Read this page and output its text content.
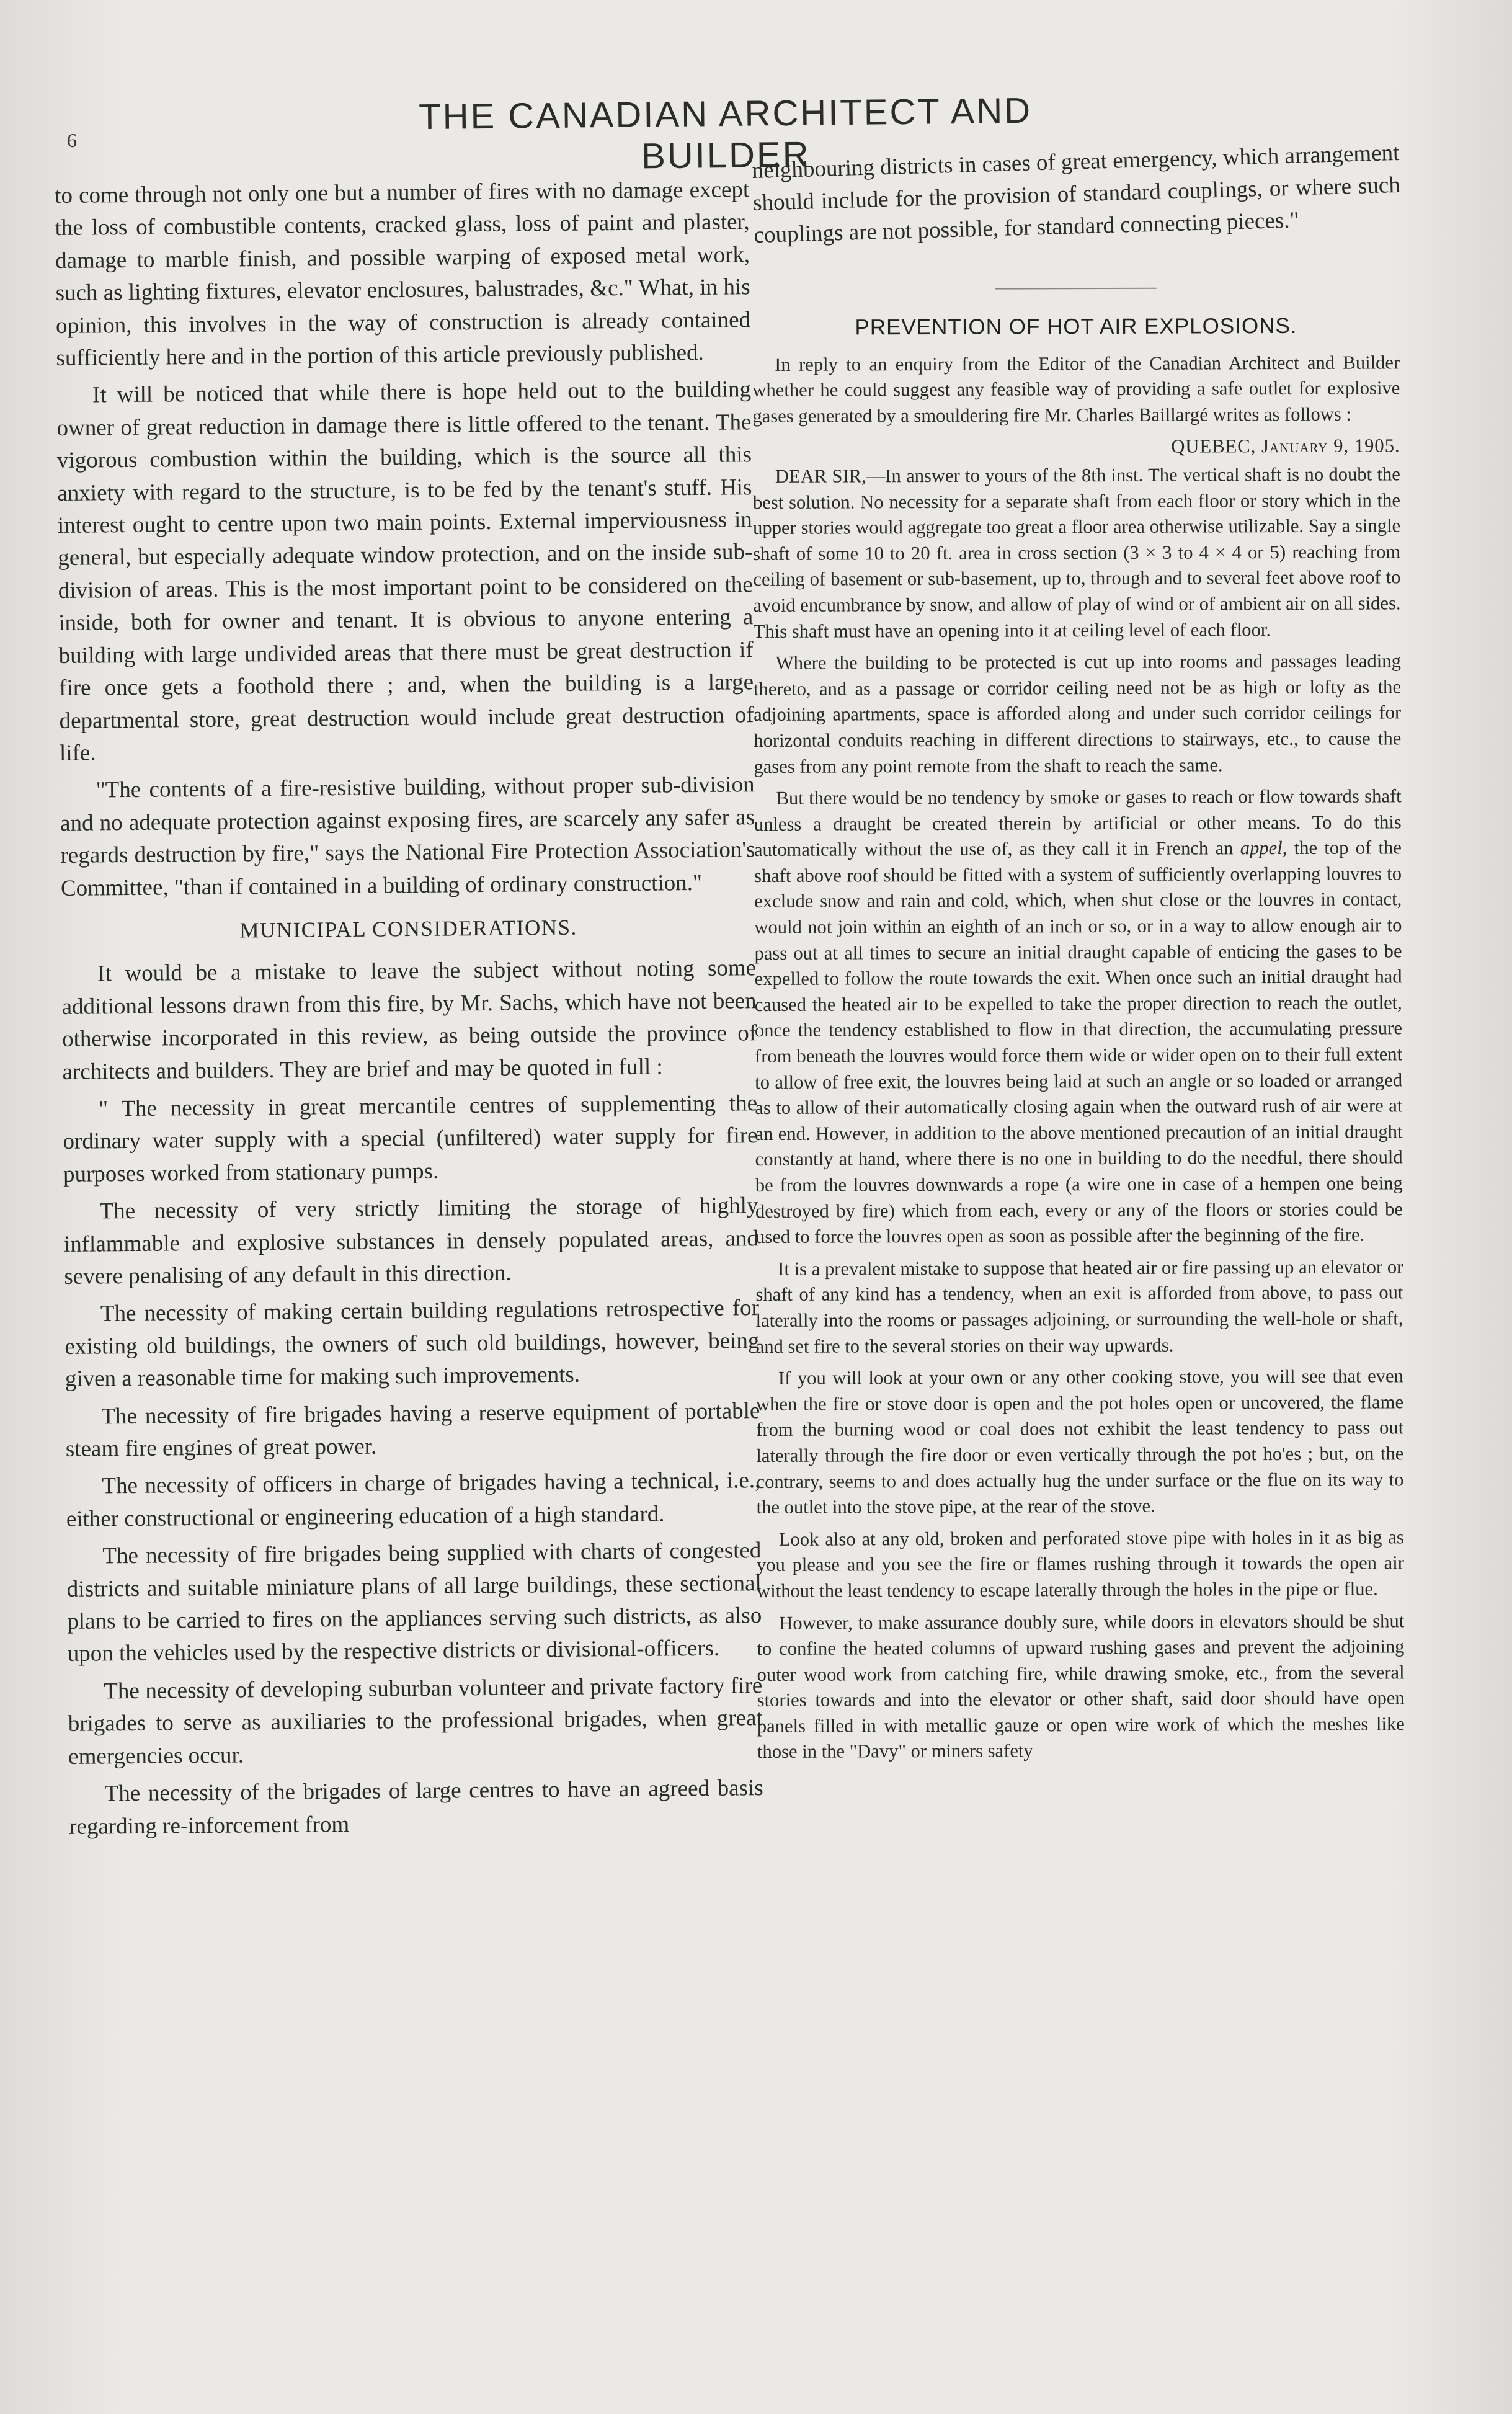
6
THE CANADIAN ARCHITECT AND BUILDER

to come through not only one but a number of fires with no damage except the loss of combustible contents, cracked glass, loss of paint and plaster, damage to marble finish, and possible warping of exposed metal work, such as lighting fixtures, elevator enclosures, balustrades, &c." What, in his opinion, this involves in the way of construction is already contained sufficiently here and in the portion of this article previously published.

It will be noticed that while there is hope held out to the building owner of great reduction in damage there is little offered to the tenant. The vigorous combustion within the building, which is the source all this anxiety with regard to the structure, is to be fed by the tenant's stuff. His interest ought to centre upon two main points. External imperviousness in general, but especially adequate window protection, and on the inside sub-division of areas. This is the most important point to be considered on the inside, both for owner and tenant. It is obvious to anyone entering a building with large undivided areas that there must be great destruction if fire once gets a foothold there ; and, when the building is a large departmental store, great destruction would include great destruction of life.

"The contents of a fire-resistive building, without proper sub-division and no adequate protection against exposing fires, are scarcely any safer as regards destruction by fire," says the National Fire Protection Association's Committee, "than if contained in a building of ordinary construction."

MUNICIPAL CONSIDERATIONS.

It would be a mistake to leave the subject without noting some additional lessons drawn from this fire, by Mr. Sachs, which have not been otherwise incorporated in this review, as being outside the province of architects and builders. They are brief and may be quoted in full :

" The necessity in great mercantile centres of supplementing the ordinary water supply with a special (unfiltered) water supply for fire purposes worked from stationary pumps.

The necessity of very strictly limiting the storage of highly inflammable and explosive substances in densely populated areas, and severe penalising of any default in this direction.

The necessity of making certain building regulations retrospective for existing old buildings, the owners of such old buildings, however, being given a reasonable time for making such improvements.

The necessity of fire brigades having a reserve equipment of portable steam fire engines of great power.

The necessity of officers in charge of brigades having a technical, i.e., either constructional or engineering education of a high standard.

The necessity of fire brigades being supplied with charts of congested districts and suitable miniature plans of all large buildings, these sectional plans to be carried to fires on the appliances serving such districts, as also upon the vehicles used by the respective districts or divisional-officers.

The necessity of developing suburban volunteer and private factory fire brigades to serve as auxiliaries to the professional brigades, when great emergencies occur.

The necessity of the brigades of large centres to have an agreed basis regarding re-inforcement from

neighbouring districts in cases of great emergency, which arrangement should include for the provision of standard couplings, or where such couplings are not possible, for standard connecting pieces."

PREVENTION OF HOT AIR EXPLOSIONS.

In reply to an enquiry from the Editor of the Canadian Architect and Builder whether he could suggest any feasible way of providing a safe outlet for explosive gases generated by a smouldering fire Mr. Charles Baillargé writes as follows :

QUEBEC, January 9, 1905.

DEAR SIR,—In answer to yours of the 8th inst. The vertical shaft is no doubt the best solution. No necessity for a separate shaft from each floor or story which in the upper stories would aggregate too great a floor area otherwise utilizable. Say a single shaft of some 10 to 20 ft. area in cross section (3 × 3 to 4 × 4 or 5) reaching from ceiling of basement or sub-basement, up to, through and to several feet above roof to avoid encumbrance by snow, and allow of play of wind or of ambient air on all sides. This shaft must have an opening into it at ceiling level of each floor.

Where the building to be protected is cut up into rooms and passages leading thereto, and as a passage or corridor ceiling need not be as high or lofty as the adjoining apartments, space is afforded along and under such corridor ceilings for horizontal conduits reaching in different directions to stairways, etc., to cause the gases from any point remote from the shaft to reach the same.

But there would be no tendency by smoke or gases to reach or flow towards shaft unless a draught be created therein by artificial or other means. To do this automatically without the use of, as they call it in French an appel, the top of the shaft above roof should be fitted with a system of sufficiently overlapping louvres to exclude snow and rain and cold, which, when shut close or the louvres in contact, would not join within an eighth of an inch or so, or in a way to allow enough air to pass out at all times to secure an initial draught capable of enticing the gases to be expelled to follow the route towards the exit. When once such an initial draught had caused the heated air to be expelled to take the proper direction to reach the outlet, once the tendency established to flow in that direction, the accumulating pressure from beneath the louvres would force them wide or wider open on to their full extent to allow of free exit, the louvres being laid at such an angle or so loaded or arranged as to allow of their automatically closing again when the outward rush of air were at an end. However, in addition to the above mentioned precaution of an initial draught constantly at hand, where there is no one in building to do the needful, there should be from the louvres downwards a rope (a wire one in case of a hempen one being destroyed by fire) which from each, every or any of the floors or stories could be used to force the louvres open as soon as possible after the beginning of the fire.

It is a prevalent mistake to suppose that heated air or fire passing up an elevator or shaft of any kind has a tendency, when an exit is afforded from above, to pass out laterally into the rooms or passages adjoining, or surrounding the well-hole or shaft, and set fire to the several stories on their way upwards.

If you will look at your own or any other cooking stove, you will see that even when the fire or stove door is open and the pot holes open or uncovered, the flame from the burning wood or coal does not exhibit the least tendency to pass out laterally through the fire door or even vertically through the pot ho'es ; but, on the contrary, seems to and does actually hug the under surface or the flue on its way to the outlet into the stove pipe, at the rear of the stove.

Look also at any old, broken and perforated stove pipe with holes in it as big as you please and you see the fire or flames rushing through it towards the open air without the least tendency to escape laterally through the holes in the pipe or flue.

However, to make assurance doubly sure, while doors in elevators should be shut to confine the heated columns of upward rushing gases and prevent the adjoining outer wood work from catching fire, while drawing smoke, etc., from the several stories towards and into the elevator or other shaft, said door should have open panels filled in with metallic gauze or open wire work of which the meshes like those in the "Davy" or miners safety
